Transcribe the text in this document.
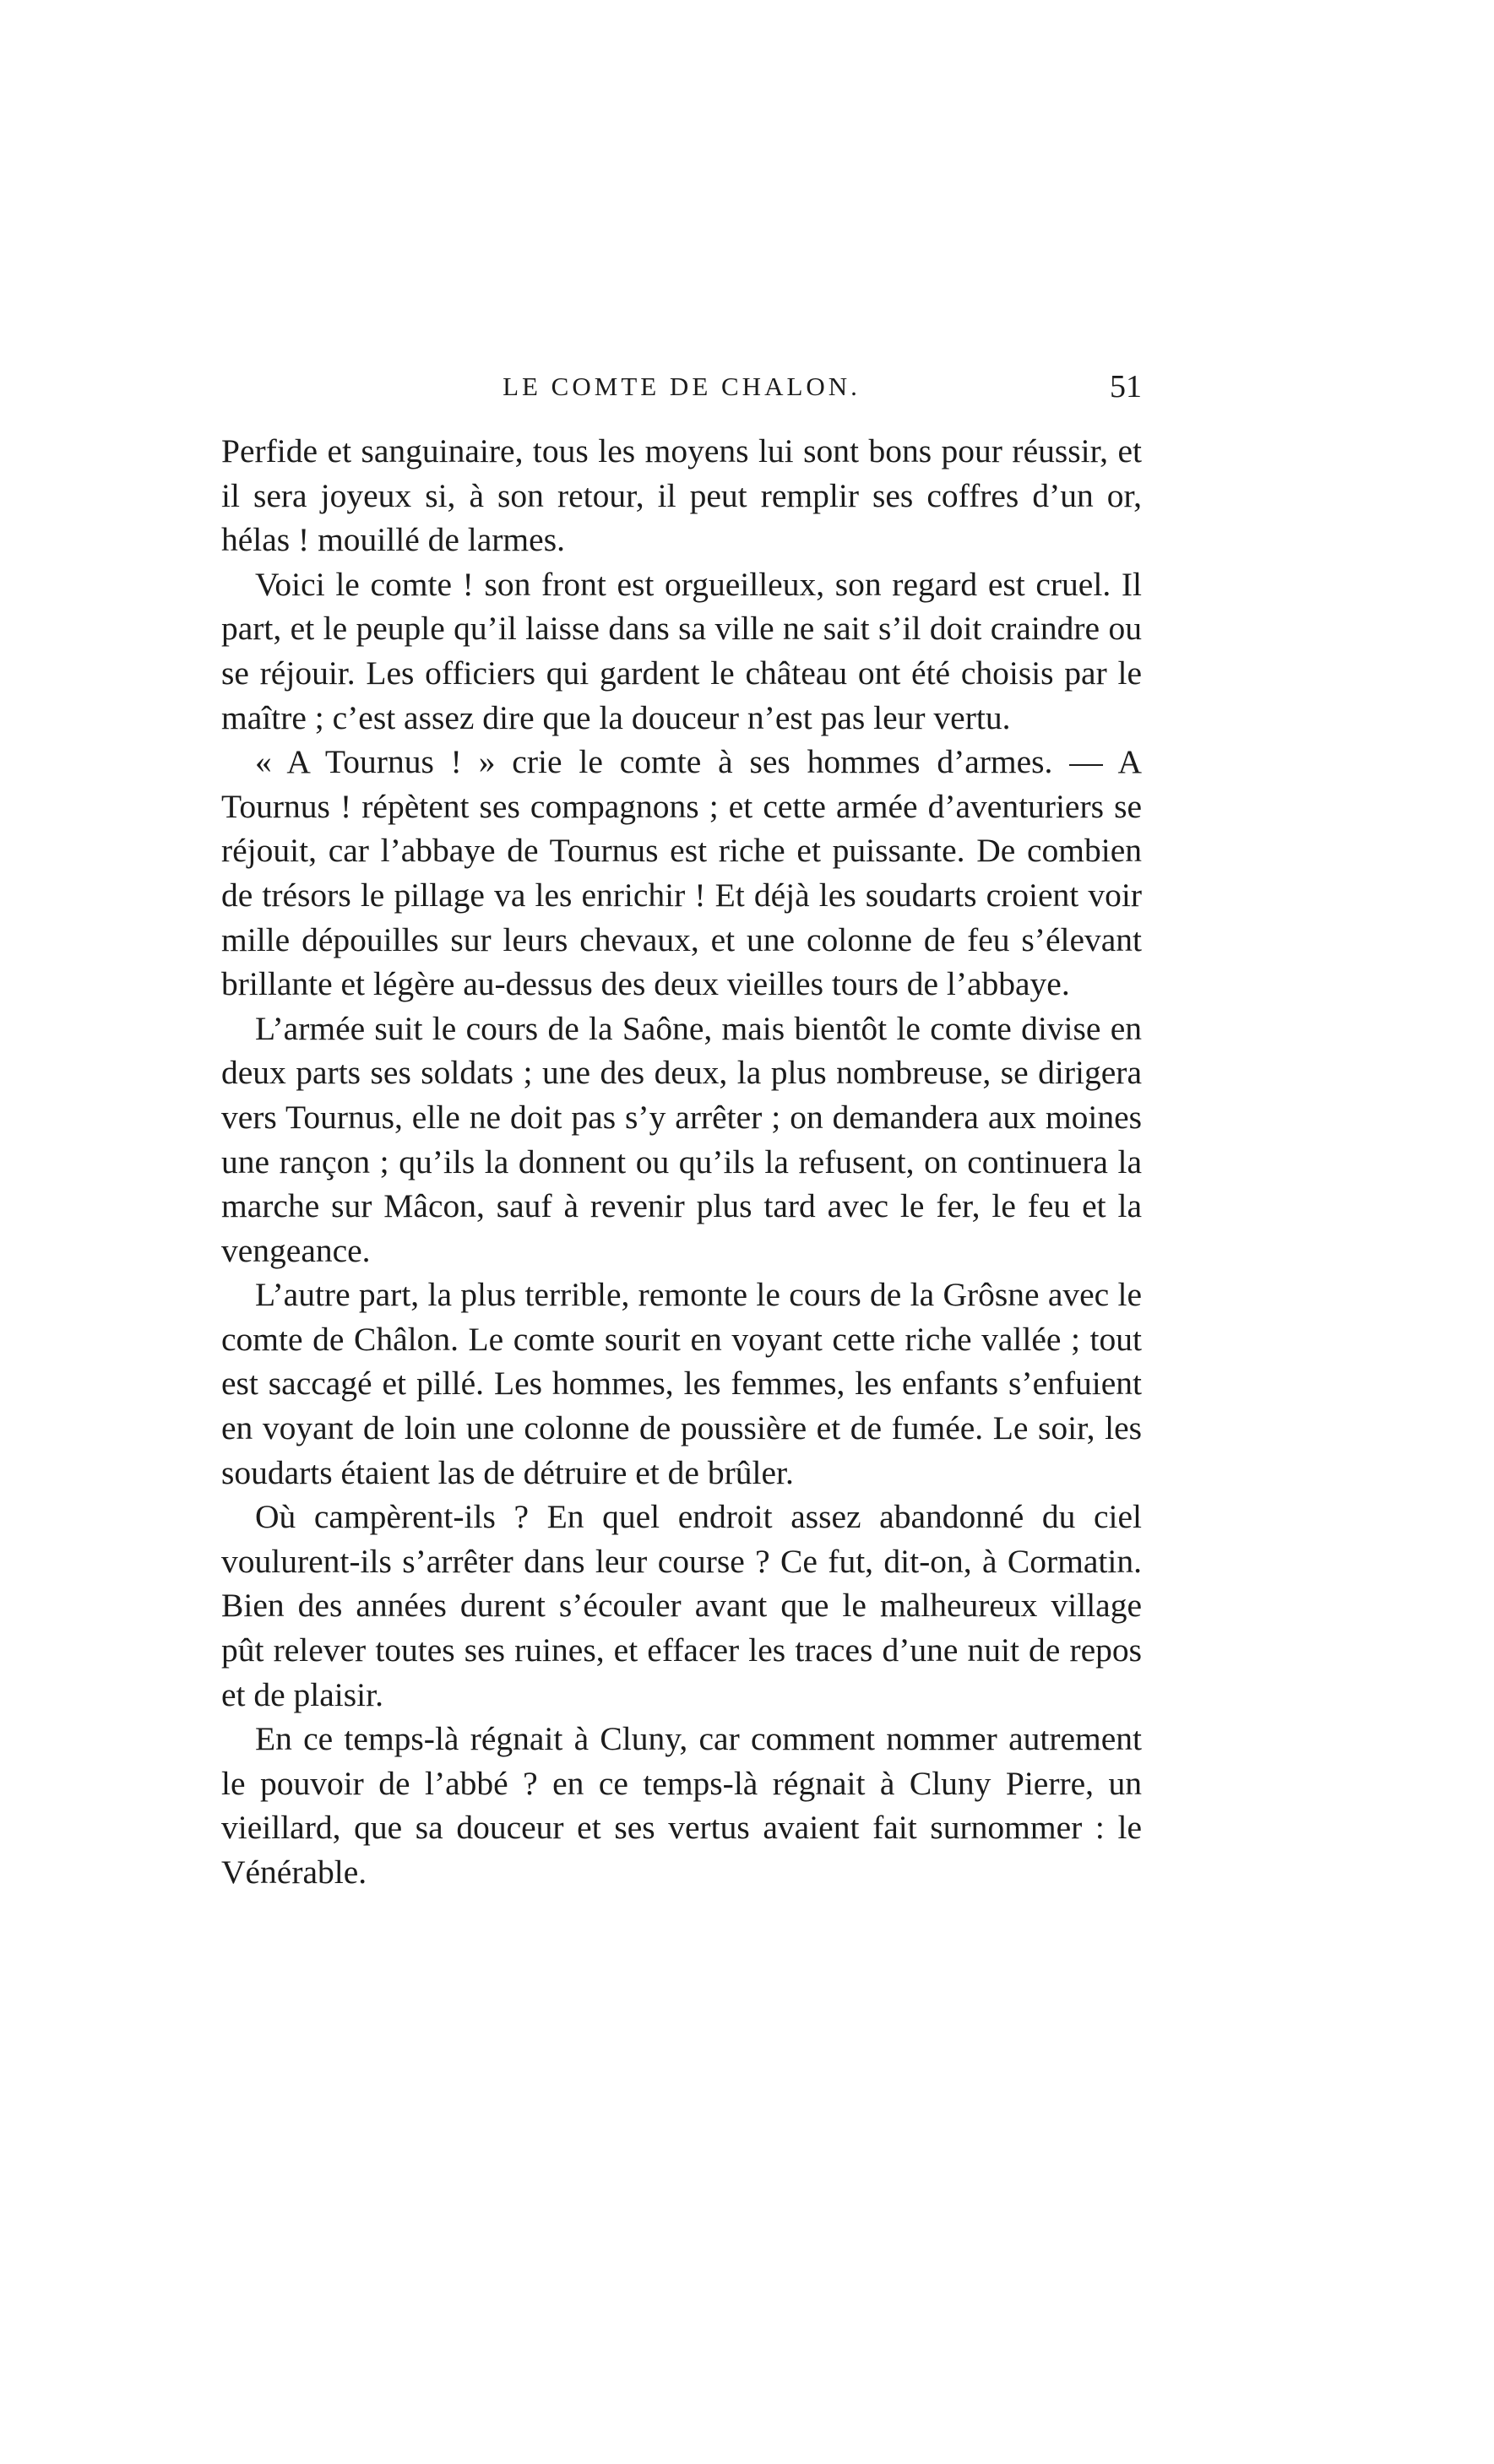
LE COMTE DE CHALON.	51

Perfide et sanguinaire, tous les moyens lui sont bons pour réussir, et il sera joyeux si, à son retour, il peut remplir ses coffres d’un or, hélas ! mouillé de larmes.

Voici le comte ! son front est orgueilleux, son regard est cruel. Il part, et le peuple qu’il laisse dans sa ville ne sait s’il doit craindre ou se réjouir. Les officiers qui gardent le château ont été choisis par le maître ; c’est assez dire que la douceur n’est pas leur vertu.

« A Tournus ! » crie le comte à ses hommes d’armes. — A Tournus ! répètent ses compagnons ; et cette armée d’aventuriers se réjouit, car l’abbaye de Tournus est riche et puissante. De combien de trésors le pillage va les enrichir ! Et déjà les soudarts croient voir mille dépouilles sur leurs chevaux, et une colonne de feu s’élevant brillante et légère au-dessus des deux vieilles tours de l’abbaye.

L’armée suit le cours de la Saône, mais bientôt le comte divise en deux parts ses soldats ; une des deux, la plus nombreuse, se dirigera vers Tournus, elle ne doit pas s’y arrêter ; on demandera aux moines une rançon ; qu’ils la donnent ou qu’ils la refusent, on continuera la marche sur Mâcon, sauf à revenir plus tard avec le fer, le feu et la vengeance.

L’autre part, la plus terrible, remonte le cours de la Grôsne avec le comte de Châlon. Le comte sourit en voyant cette riche vallée ; tout est saccagé et pillé. Les hommes, les femmes, les enfants s’enfuient en voyant de loin une colonne de poussière et de fumée. Le soir, les soudarts étaient las de détruire et de brûler.

Où campèrent-ils ? En quel endroit assez abandonné du ciel voulurent-ils s’arrêter dans leur course ? Ce fut, dit-on, à Cormatin. Bien des années durent s’écouler avant que le malheureux village pût relever toutes ses ruines, et effacer les traces d’une nuit de repos et de plaisir.

En ce temps-là régnait à Cluny, car comment nommer autrement le pouvoir de l’abbé ? en ce temps-là régnait à Cluny Pierre, un vieillard, que sa douceur et ses vertus avaient fait surnommer : le Vénérable.
